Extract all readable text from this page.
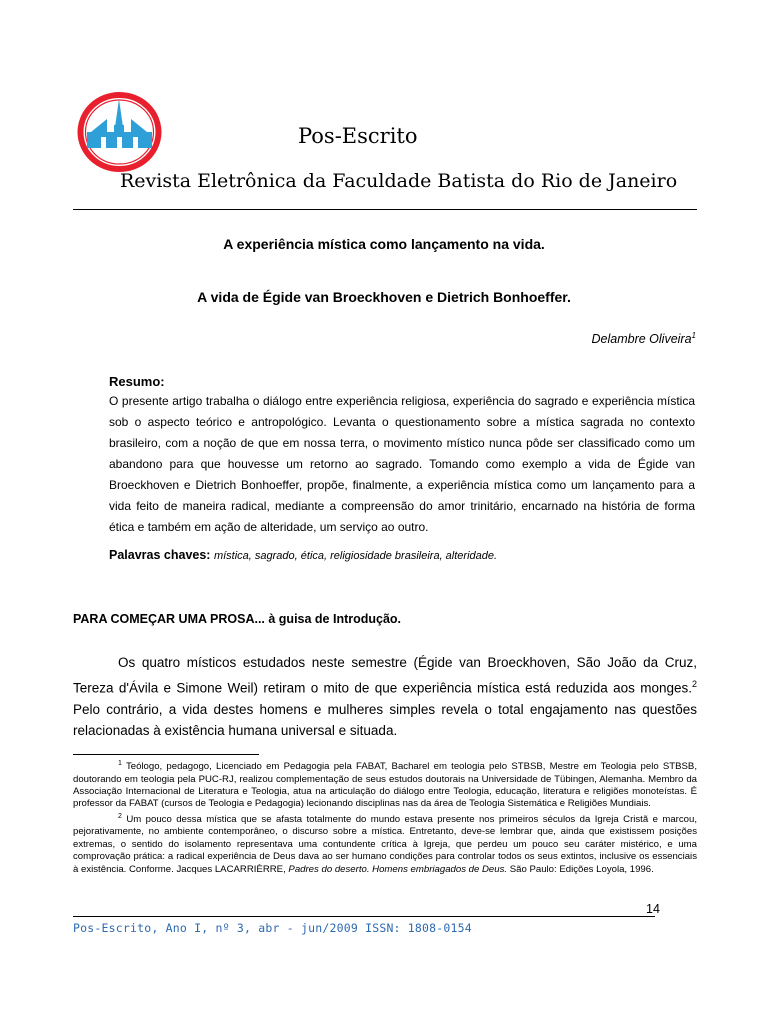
Pos-Escrito
Revista Eletrônica da Faculdade Batista do Rio de Janeiro
A experiência mística como lançamento na vida.
A vida de Égide van Broeckhoven e Dietrich Bonhoeffer.
Delambre Oliveira$^1$
Resumo:
O presente artigo trabalha o diálogo entre experiência religiosa, experiência do sagrado e experiência mística sob o aspecto teórico e antropológico. Levanta o questionamento sobre a mística sagrada no contexto brasileiro, com a noção de que em nossa terra, o movimento místico nunca pôde ser classificado como um abandono para que houvesse um retorno ao sagrado. Tomando como exemplo a vida de Égide van Broeckhoven e Dietrich Bonhoeffer, propõe, finalmente, a experiência mística como um lançamento para a vida feito de maneira radical, mediante a compreensão do amor trinitário, encarnado na história de forma ética e também em ação de alteridade, um serviço ao outro.
Palavras chaves: mística, sagrado, ética, religiosidade brasileira, alteridade.
PARA COMEÇAR UMA PROSA... à guisa de Introdução.
Os quatro místicos estudados neste semestre (Égide van Broeckhoven, São João da Cruz, Tereza d'Ávila e Simone Weil) retiram o mito de que experiência mística está reduzida aos monges.$^2$ Pelo contrário, a vida destes homens e mulheres simples revela o total engajamento nas questões relacionadas à existência humana universal e situada.

$^1$ Teólogo, pedagogo, Licenciado em Pedagogia pela FABAT, Bacharel em teologia pelo STBSB, Mestre em Teologia pelo STBSB, doutorando em teologia pela PUC-RJ, realizou complementação de seus estudos doutorais na Universidade de Tübingen, Alemanha. Membro da Associação Internacional de Literatura e Teologia, atua na articulação do diálogo entre Teologia, educação, literatura e religiões monoteístas. É professor da FABAT (cursos de Teologia e Pedagogia) lecionando disciplinas nas da área de Teologia Sistemática e Religiões Mundiais.

$^2$ Um pouco dessa mística que se afasta totalmente do mundo estava presente nos primeiros séculos da Igreja Cristã e marcou, pejorativamente, no ambiente contemporâneo, o discurso sobre a mística. Entretanto, deve-se lembrar que, ainda que existissem posições extremas, o sentido do isolamento representava uma contundente crítica à Igreja, que perdeu um pouco seu caráter mistérico, e uma comprovação prática: a radical experiência de Deus dava ao ser humano condições para controlar todos os seus extintos, inclusive os essenciais à existência. Conforme. Jacques LACARRIÈRRE, Padres do deserto. Homens embriagados de Deus. São Paulo: Edições Loyola, 1996.

14
Pos-Escrito, Ano I, nº 3, abr - jun/2009 ISSN: 1808-0154
